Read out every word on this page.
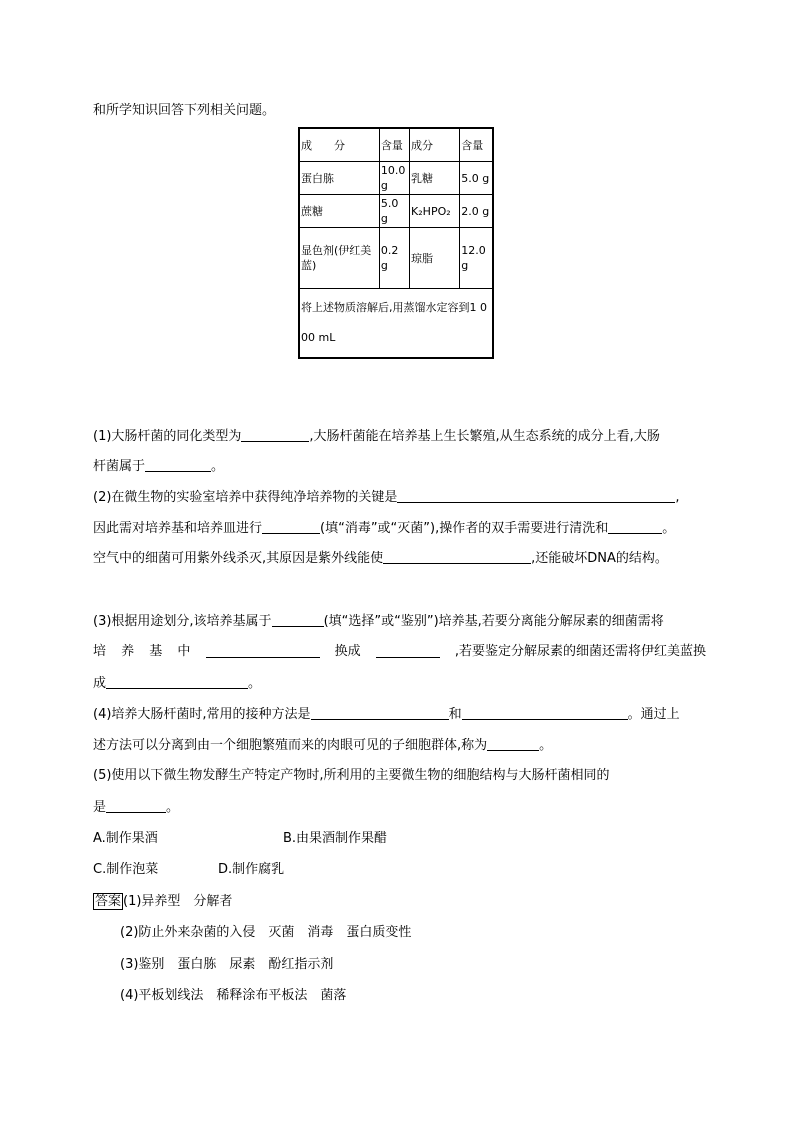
和所学知识回答下列相关问题。
成　　分	含量	成分	含量
蛋白胨	10.0 g	乳糖	5.0 g
蔗糖	5.0 g	K₂HPO₂	2.0 g
显色剂(伊红美蓝)	0.2 g	琼脂	12.0 g
将上述物质溶解后,用蒸馏水定容到1 000 mL			
(1)大肠杆菌的同化类型为	,大肠杆菌能在培养基上生长繁殖,从生态系统的成分上看,大肠
杆菌属于	。
(2)在微生物的实验室培养中获得纯净培养物的关键是	,
因此需对培养基和培养皿进行	(填“消毒”或“灭菌”),操作者的双手需要进行清洗和	。
空气中的细菌可用紫外线杀灭,其原因是紫外线能使	,还能破坏DNA的结构。
(3)根据用途划分,该培养基属于	(填“选择”或“鉴别”)培养基,若要分离能分解尿素的细菌需将
培 养 基 中	换成	,若要鉴定分解尿素的细菌还需将伊红美蓝换
成	。
(4)培养大肠杆菌时,常用的接种方法是	和	。通过上
述方法可以分离到由一个细胞繁殖而来的肉眼可见的子细胞群体,称为	。
(5)使用以下微生物发酵生产特定产物时,所利用的主要微生物的细胞结构与大肠杆菌相同的
是	。
A.制作果酒	B.由果酒制作果醋
C.制作泡菜	D.制作腐乳
答案 (1)异养型　分解者
(2)防止外来杂菌的入侵　灭菌　消毒　蛋白质变性
(3)鉴别　蛋白胨　尿素　酚红指示剂
(4)平板划线法　稀释涂布平板法　菌落
